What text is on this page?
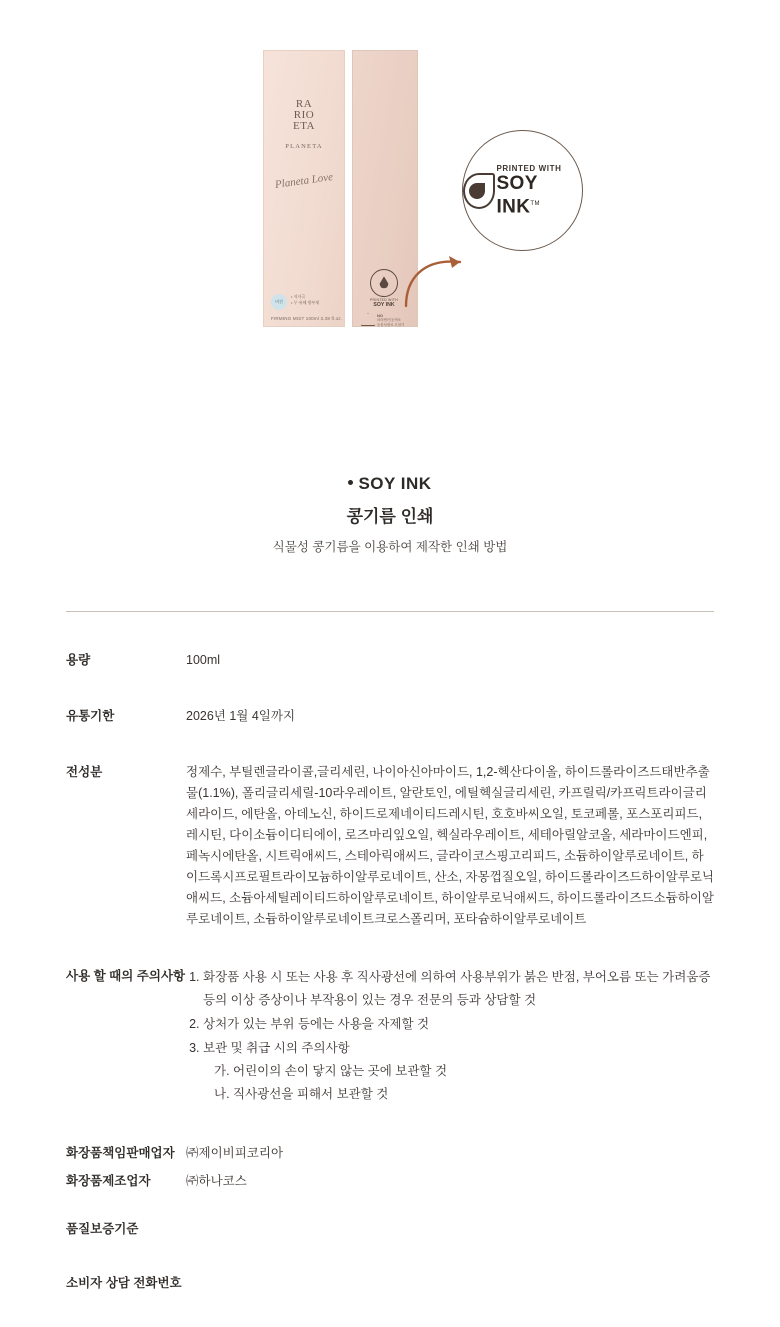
RA
RIO
ETA
PLANETA
Planeta Love
비건
• 저자극
• 무·유해 방부제
FIRMING MIST 100ml 3.38 fl.oz.
PRINTED WITH
SOY INK
NO
파라벤/인공색소
동물성원료 무첨가
PRINTED WITH
SOY INK™
SOY INK
콩기름 인쇄
식물성 콩기름을 이용하여 제작한 인쇄 방법
용량	100ml
유통기한	2026년 1월 4일까지
전성분	정제수, 부틸렌글라이콜,글리세린, 나이아신아마이드, 1,2-헥산다이올, 하이드롤라이즈드태반추출물(1.1%), 폴리글리세릴-10라우레이트, 알란토인, 에틸헥실글리세린, 카프릴릭/카프릭트라이글리세라이드, 에탄올, 아데노신, 하이드로제네이티드레시틴, 호호바씨오일, 토코페롤, 포스포리피드, 레시틴, 다이소듐이디티에이, 로즈마리잎오일, 헥실라우레이트, 세테아릴알코올, 세라마이드엔피, 페녹시에탄올, 시트릭애씨드, 스테아릭애씨드, 글라이코스핑고리피드, 소듐하이알루로네이트, 하이드록시프로필트라이모늄하이알루로네이트, 산소, 자몽껍질오일, 하이드롤라이즈드하이알루로닉애씨드, 소듐아세틸레이티드하이알루로네이트, 하이알루로닉애씨드, 하이드롤라이즈드소듐하이알루로네이트, 소듐하이알루로네이트크로스폴리머, 포타슘하이알루로네이트
사용 할 때의 주의사항 1. 화장품 사용 시 또는 사용 후 직사광선에 의하여 사용부위가 붉은 반점, 부어오름 또는 가려움증 등의 이상 증상이나 부작용이 있는 경우 전문의 등과 상담할 것
2. 상처가 있는 부위 등에는 사용을 자제할 것
3. 보관 및 취급 시의 주의사항
가. 어린이의 손이 닿지 않는 곳에 보관할 것
나. 직사광선을 피해서 보관할 것
화장품책임판매업자 ㈜제이비피코리아
화장품제조업자	㈜하나코스
품질보증기준
소비자 상담 전화번호
